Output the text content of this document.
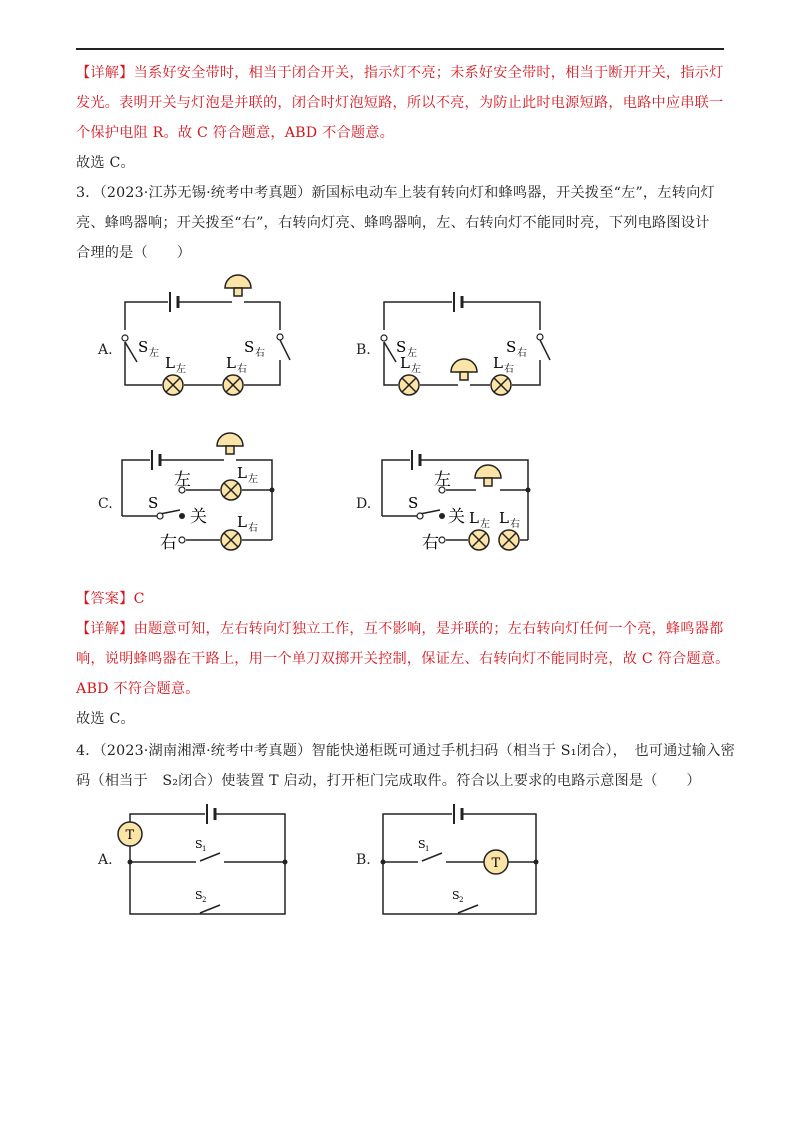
【详解】当系好安全带时，相当于闭合开关，指示灯不亮；未系好安全带时，相当于断开开关，指示灯
发光。表明开关与灯泡是并联的，闭合时灯泡短路，所以不亮，为防止此时电源短路，电路中应串联一
个保护电阻 R。故 C 符合题意，ABD 不合题意。
故选 C。
3．（2023·江苏无锡·统考中考真题）新国标电动车上装有转向灯和蜂鸣器，开关拨至“左”，左转向灯
亮、蜂鸣器响；开关拨至“右”，右转向灯亮、蜂鸣器响，左、右转向灯不能同时亮，下列电路图设计
合理的是（　　）
A.	B.
C.	D.
S 左	S 右
L 左	L 右
S 左	S 右
L 左	L 右
左
S
关
右
L 左
L 右
左
S
关
右
L 左 L 右
【答案】C
【详解】由题意可知，左右转向灯独立工作，互不影响，是并联的；左右转向灯任何一个亮，蜂鸣器都
响，说明蜂鸣器在干路上，用一个单刀双掷开关控制，保证左、右转向灯不能同时亮，故 C 符合题意。
ABD 不符合题意。
故选 C。
4．（2023·湖南湘潭·统考中考真题）智能快递柜既可通过手机扫码（相当于 S₁闭合），　也可通过输入密
码（相当于　S₂闭合）使装置 T 启动，打开柜门完成取件。符合以上要求的电路示意图是（　　）
A.	B.
T
S 1
S 2
T
S 1
S 2
